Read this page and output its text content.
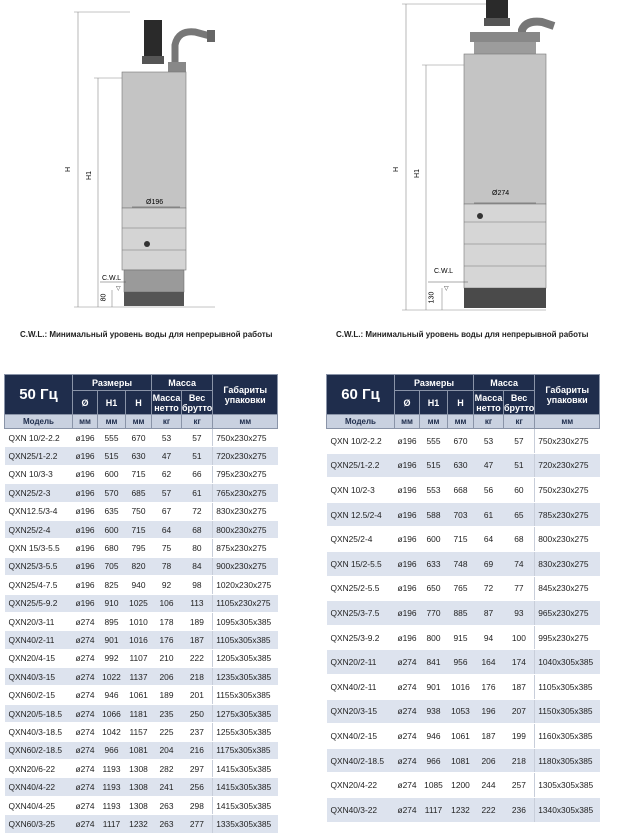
▽
H
H1
Ø196
C.W.L
80
C.W.L.: Минимальный уровень воды для непрерывной работы
▽
H H1
Ø274
C.W.L
130
C.W.L.: Минимальный уровень воды для непрерывной работы
50 Гц	Размеры			Масса		Габариты упаковки
	Ø	H1	H	Масса нетто	Вес брутто	
Модель	мм	мм	мм	кг	кг	мм
QXN 10/2-2.2	ø196	555	670	53	57	750x230x275
QXN25/1-2.2	ø196	515	630	47	51	720x230x275
QXN 10/3-3	ø196	600	715	62	66	795x230x275
QXN25/2-3	ø196	570	685	57	61	765x230x275
QXN12.5/3-4	ø196	635	750	67	72	830x230x275
QXN25/2-4	ø196	600	715	64	68	800x230x275
QXN 15/3-5.5	ø196	680	795	75	80	875x230x275
QXN25/3-5.5	ø196	705	820	78	84	900x230x275
QXN25/4-7.5	ø196	825	940	92	98	1020x230x275
QXN25/5-9.2	ø196	910	1025	106	113	1105x230x275
QXN20/3-11	ø274	895	1010	178	189	1095x305x385
QXN40/2-11	ø274	901	1016	176	187	1105x305x385
QXN20/4-15	ø274	992	1107	210	222	1205x305x385
QXN40/3-15	ø274	1022	1137	206	218	1235x305x385
QXN60/2-15	ø274	946	1061	189	201	1155x305x385
QXN20/5-18.5	ø274	1066	1181	235	250	1275x305x385
QXN40/3-18.5	ø274	1042	1157	225	237	1255x305x385
QXN60/2-18.5	ø274	966	1081	204	216	1175x305x385
QXN20/6-22	ø274	1193	1308	282	297	1415x305x385
QXN40/4-22	ø274	1193	1308	241	256	1415x305x385
QXN40/4-25	ø274	1193	1308	263	298	1415x305x385
QXN60/3-25	ø274	1117	1232	263	277	1335x305x385
60 Гц	Размеры			Масса		Габариты упаковки
	Ø	H1	H	Масса нетто	Вес брутто	
Модель	мм	мм	мм	кг	кг	мм
QXN 10/2-2.2	ø196	555	670	53	57	750x230x275
QXN25/1-2.2	ø196	515	630	47	51	720x230x275
QXN 10/2-3	ø196	553	668	56	60	750x230x275
QXN 12.5/2-4	ø196	588	703	61	65	785x230x275
QXN25/2-4	ø196	600	715	64	68	800x230x275
QXN 15/2-5.5	ø196	633	748	69	74	830x230x275
QXN25/2-5.5	ø196	650	765	72	77	845x230x275
QXN25/3-7.5	ø196	770	885	87	93	965x230x275
QXN25/3-9.2	ø196	800	915	94	100	995x230x275
QXN20/2-11	ø274	841	956	164	174	1040x305x385
QXN40/2-11	ø274	901	1016	176	187	1105x305x385
QXN20/3-15	ø274	938	1053	196	207	1150x305x385
QXN40/2-15	ø274	946	1061	187	199	1160x305x385
QXN40/2-18.5	ø274	966	1081	206	218	1180x305x385
QXN20/4-22	ø274	1085	1200	244	257	1305x305x385
QXN40/3-22	ø274	1117	1232	222	236	1340x305x385
